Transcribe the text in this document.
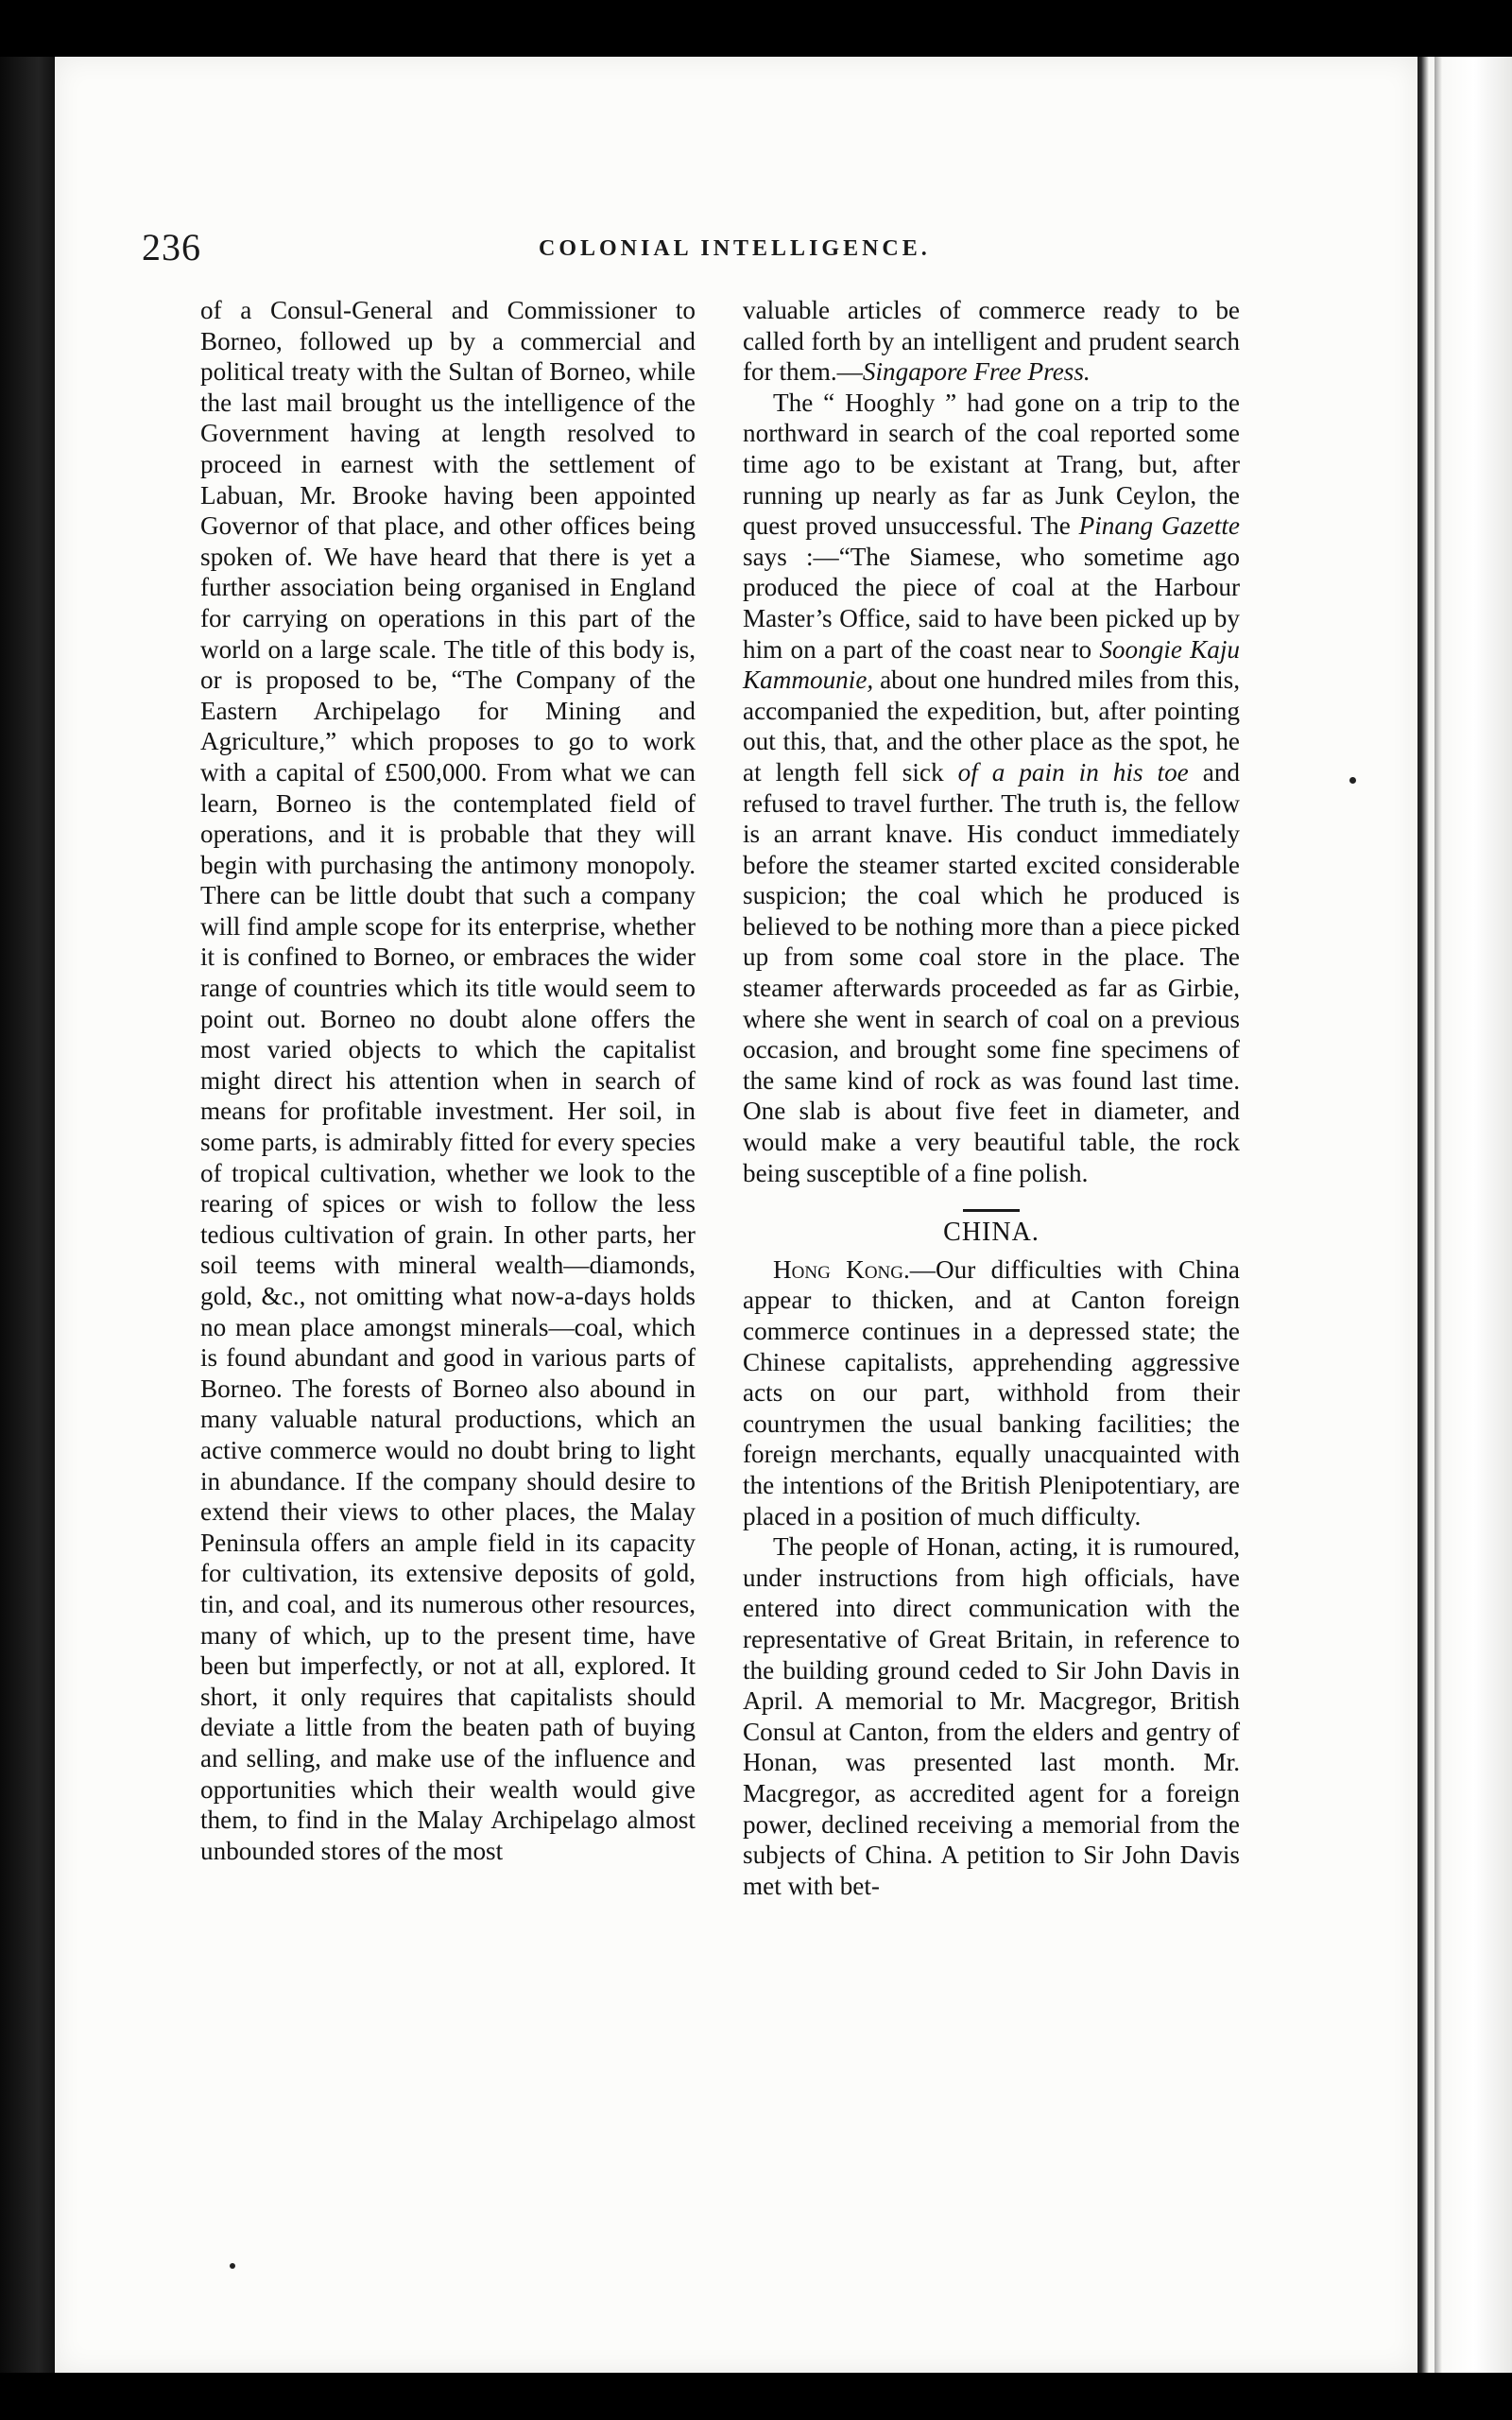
236	COLONIAL INTELLIGENCE.

of a Consul-General and Commissioner to Borneo, followed up by a commercial and political treaty with the Sultan of Borneo, while the last mail brought us the intelligence of the Government having at length resolved to proceed in earnest with the settlement of Labuan, Mr. Brooke having been appointed Governor of that place, and other offices being spoken of. We have heard that there is yet a further association being organised in England for carrying on operations in this part of the world on a large scale. The title of this body is, or is proposed to be, “The Company of the Eastern Archipelago for Mining and Agriculture,” which proposes to go to work with a capital of £500,000. From what we can learn, Borneo is the contemplated field of operations, and it is probable that they will begin with purchasing the antimony monopoly. There can be little doubt that such a company will find ample scope for its enterprise, whether it is confined to Borneo, or embraces the wider range of countries which its title would seem to point out. Borneo no doubt alone offers the most varied objects to which the capitalist might direct his attention when in search of means for profitable investment. Her soil, in some parts, is admirably fitted for every species of tropical cultivation, whether we look to the rearing of spices or wish to follow the less tedious cultivation of grain. In other parts, her soil teems with mineral wealth—diamonds, gold, &c., not omitting what now-a-days holds no mean place amongst minerals—coal, which is found abundant and good in various parts of Borneo. The forests of Borneo also abound in many valuable natural productions, which an active commerce would no doubt bring to light in abundance. If the company should desire to extend their views to other places, the Malay Peninsula offers an ample field in its capacity for cultivation, its extensive deposits of gold, tin, and coal, and its numerous other resources, many of which, up to the present time, have been but imperfectly, or not at all, explored. It short, it only requires that capitalists should deviate a little from the beaten path of buying and selling, and make use of the influence and opportunities which their wealth would give them, to find in the Malay Archipelago almost unbounded stores of the most

valuable articles of commerce ready to be called forth by an intelligent and prudent search for them.—Singapore Free Press.

The “ Hooghly ” had gone on a trip to the northward in search of the coal reported some time ago to be existant at Trang, but, after running up nearly as far as Junk Ceylon, the quest proved unsuccessful. The Pinang Gazette says :—“The Siamese, who sometime ago produced the piece of coal at the Harbour Master’s Office, said to have been picked up by him on a part of the coast near to Soongie Kaju Kammounie, about one hundred miles from this, accompanied the expedition, but, after pointing out this, that, and the other place as the spot, he at length fell sick of a pain in his toe and refused to travel further. The truth is, the fellow is an arrant knave. His conduct immediately before the steamer started excited considerable suspicion; the coal which he produced is believed to be nothing more than a piece picked up from some coal store in the place. The steamer afterwards proceeded as far as Girbie, where she went in search of coal on a previous occasion, and brought some fine specimens of the same kind of rock as was found last time. One slab is about five feet in diameter, and would make a very beautiful table, the rock being susceptible of a fine polish.

CHINA.

Hong Kong.—Our difficulties with China appear to thicken, and at Canton foreign commerce continues in a depressed state; the Chinese capitalists, apprehending aggressive acts on our part, withhold from their countrymen the usual banking facilities; the foreign merchants, equally unacquainted with the intentions of the British Plenipotentiary, are placed in a position of much difficulty.

The people of Honan, acting, it is rumoured, under instructions from high officials, have entered into direct communication with the representative of Great Britain, in reference to the building ground ceded to Sir John Davis in April. A memorial to Mr. Macgregor, British Consul at Canton, from the elders and gentry of Honan, was presented last month. Mr. Macgregor, as accredited agent for a foreign power, declined receiving a memorial from the subjects of China. A petition to Sir John Davis met with bet-
